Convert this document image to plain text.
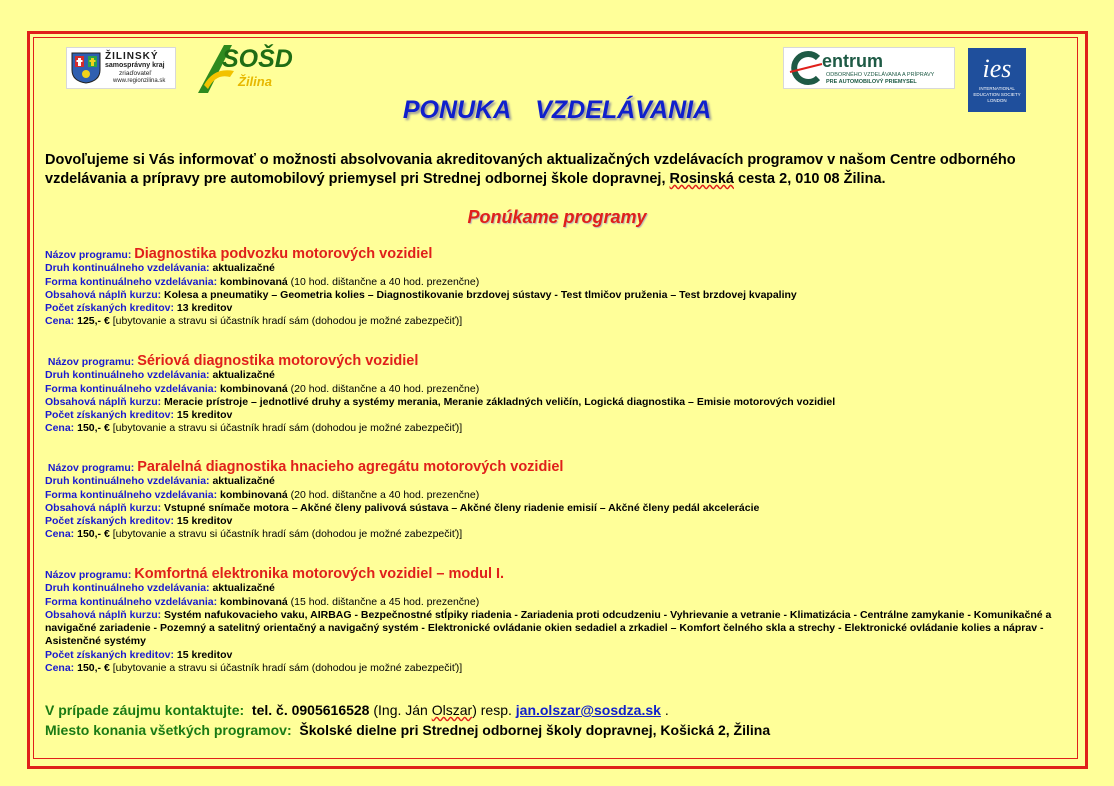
ŽILINSKÝ
samosprávny kraj
zriaďovateľ
www.regionzilina.sk
SOŠD
Žilina
entrum
ODBORNÉHO VZDELÁVANIA A PRÍPRAVY
PRE AUTOMOBILOVÝ PRIEMYSEL	ies
INTERNATIONAL EDUCATION SOCIETY LONDON
PONUKA VZDELÁVANIA
Dovoľujeme si Vás informovať o možnosti absolvovania akreditovaných aktualizačných vzdelávacích programov v našom Centre odborného vzdelávania a prípravy pre automobilový priemysel pri Strednej odbornej škole dopravnej, Rosinská cesta 2, 010 08 Žilina.
Ponúkame programy
Názov programu: Diagnostika podvozku motorových vozidiel
Druh kontinuálneho vzdelávania: aktualizačné
Forma kontinuálneho vzdelávania: kombinovaná (10 hod. dištančne a 40 hod. prezenčne)
Obsahová náplň kurzu: Kolesa a pneumatiky – Geometria kolies – Diagnostikovanie brzdovej sústavy - Test tlmičov pruženia – Test brzdovej kvapaliny
Počet získaných kreditov: 13 kreditov
Cena: 125,- € [ubytovanie a stravu si účastník hradí sám (dohodou je možné zabezpečiť)]
Názov programu: Sériová diagnostika motorových vozidiel
Druh kontinuálneho vzdelávania: aktualizačné
Forma kontinuálneho vzdelávania: kombinovaná (20 hod. dištančne a 40 hod. prezenčne)
Obsahová náplň kurzu: Meracie prístroje – jednotlivé druhy a systémy merania, Meranie základných veličín, Logická diagnostika – Emisie motorových vozidiel
Počet získaných kreditov: 15 kreditov
Cena: 150,- € [ubytovanie a stravu si účastník hradí sám (dohodou je možné zabezpečiť)]
Názov programu: Paralelná diagnostika hnacieho agregátu motorových vozidiel
Druh kontinuálneho vzdelávania: aktualizačné
Forma kontinuálneho vzdelávania: kombinovaná (20 hod. dištančne a 40 hod. prezenčne)
Obsahová náplň kurzu: Vstupné snímače motora – Akčné členy palivová sústava – Akčné členy riadenie emisií – Akčné členy pedál akcelerácie
Počet získaných kreditov: 15 kreditov
Cena: 150,- € [ubytovanie a stravu si účastník hradí sám (dohodou je možné zabezpečiť)]
Názov programu: Komfortná elektronika motorových vozidiel – modul I.
Druh kontinuálneho vzdelávania: aktualizačné
Forma kontinuálneho vzdelávania: kombinovaná (15 hod. dištančne a 45 hod. prezenčne)
Obsahová náplň kurzu: Systém nafukovacieho vaku, AIRBAG - Bezpečnostné stĺpiky riadenia - Zariadenia proti odcudzeniu - Vyhrievanie a vetranie - Klimatizácia - Centrálne zamykanie - Komunikačné a navigačné zariadenie - Pozemný a satelitný orientačný a navigačný systém - Elektronické ovládanie okien sedadiel a zrkadiel – Komfort čelného skla a strechy - Elektronické ovládanie kolies a náprav - Asistenčné systémy
Počet získaných kreditov: 15 kreditov
Cena: 150,- € [ubytovanie a stravu si účastník hradí sám (dohodou je možné zabezpečiť)]
V prípade záujmu kontaktujte: tel. č. 0905616528 (Ing. Ján Olszar) resp. jan.olszar@sosdza.sk .
Miesto konania všetkých programov: Školské dielne pri Strednej odbornej školy dopravnej, Košická 2, Žilina
